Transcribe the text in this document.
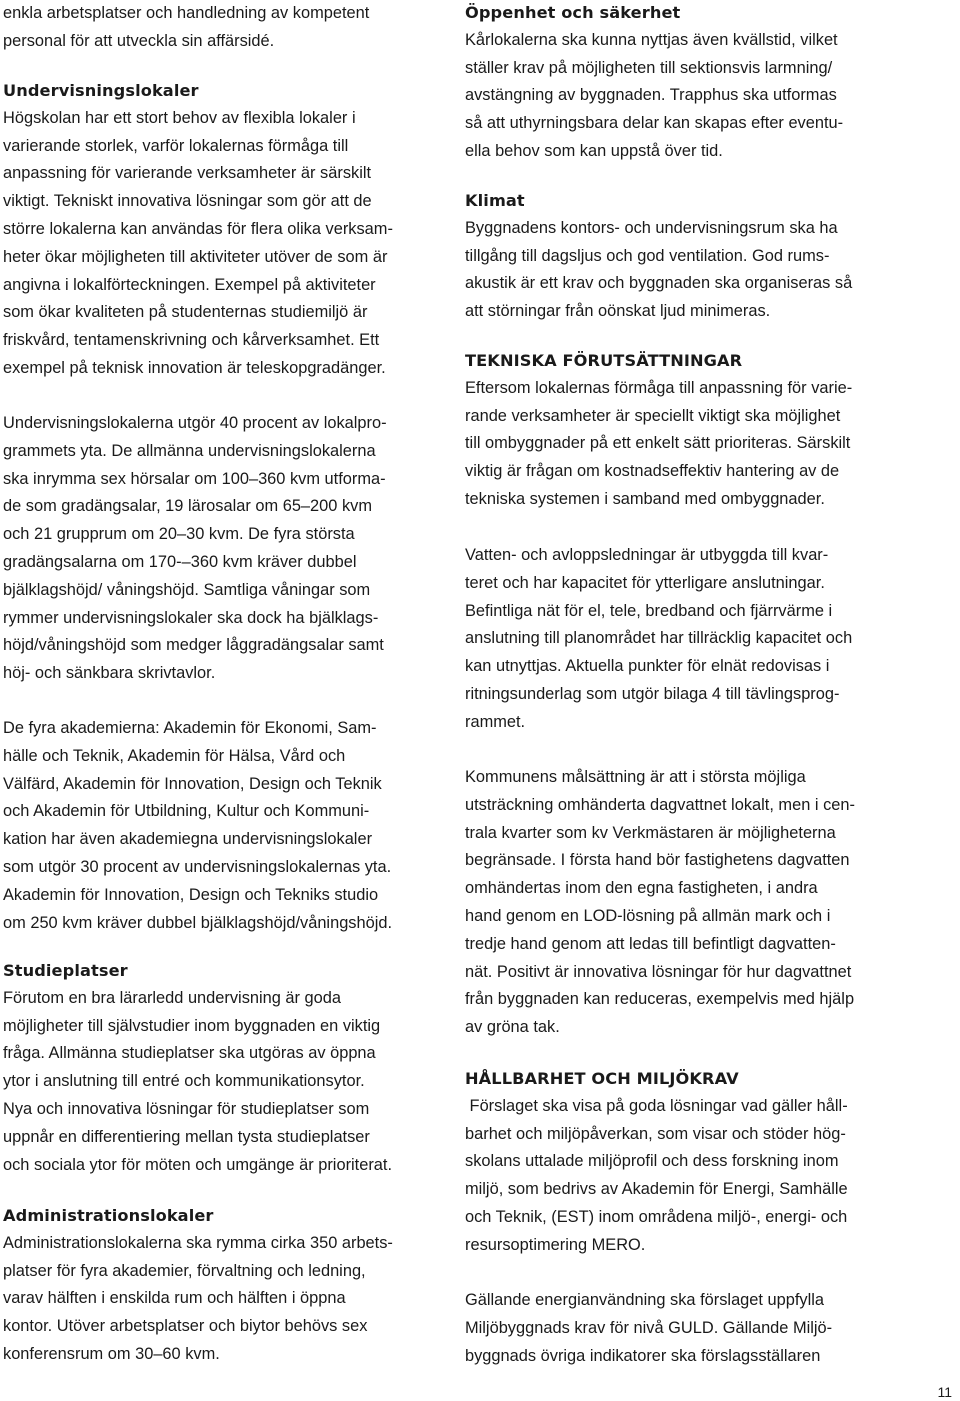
enkla arbetsplatser och handledning av kompetent

personal för att utveckla sin affärsidé.

Undervisningslokaler

Högskolan har ett stort behov av flexibla lokaler i

varierande storlek, varför lokalernas förmåga till

anpassning för varierande verksamheter är särskilt

viktigt. Tekniskt innovativa lösningar som gör att de

större lokalerna kan användas för flera olika verksam-

heter ökar möjligheten till aktiviteter utöver de som är

angivna i lokalförteckningen. Exempel på aktiviteter

som ökar kvaliteten på studenternas studiemiljö är

friskvård, tentamenskrivning och kårverksamhet. Ett

exempel på teknisk innovation är teleskopgradänger.

Undervisningslokalerna utgör 40 procent av lokalpro-

grammets yta. De allmänna undervisningslokalerna

ska inrymma sex hörsalar om 100–360 kvm utforma-

de som gradängsalar, 19 lärosalar om 65–200 kvm

och 21 grupprum om 20–30 kvm. De fyra största

gradängsalarna om 170-–360 kvm kräver dubbel

bjälklagshöjd/ våningshöjd. Samtliga våningar som

rymmer undervisningslokaler ska dock ha bjälklags-

höjd/våningshöjd som medger låggradängsalar samt

höj- och sänkbara skrivtavlor.

De fyra akademierna: Akademin för Ekonomi, Sam-

hälle och Teknik, Akademin för Hälsa, Vård och

Välfärd, Akademin för Innovation, Design och Teknik

och Akademin för Utbildning, Kultur och Kommuni-

kation har även akademiegna undervisningslokaler

som utgör 30 procent av undervisningslokalernas yta.

Akademin för Innovation, Design och Tekniks studio

om 250 kvm kräver dubbel bjälklagshöjd/våningshöjd.

Studieplatser

Förutom en bra lärarledd undervisning är goda

möjligheter till självstudier inom byggnaden en viktig

fråga. Allmänna studieplatser ska utgöras av öppna

ytor i anslutning till entré och kommunikationsytor.

Nya och innovativa lösningar för studieplatser som

uppnår en differentiering mellan tysta studieplatser

och sociala ytor för möten och umgänge är prioriterat.

Administrationslokaler

Administrationslokalerna ska rymma cirka 350 arbets-

platser för fyra akademier, förvaltning och ledning,

varav hälften i enskilda rum och hälften i öppna

kontor. Utöver arbetsplatser och biytor behövs sex

konferensrum om 30–60 kvm.

Öppenhet och säkerhet

Kårlokalerna ska kunna nyttjas även kvällstid, vilket

ställer krav på möjligheten till sektionsvis larmning/

avstängning av byggnaden. Trapphus ska utformas

så att uthyrningsbara delar kan skapas efter eventu-

ella behov som kan uppstå över tid.

Klimat

Byggnadens kontors- och undervisningsrum ska ha

tillgång till dagsljus och god ventilation. God rums-

akustik är ett krav och byggnaden ska organiseras så

att störningar från oönskat ljud minimeras.

TEKNISKA FÖRUTSÄTTNINGAR

Eftersom lokalernas förmåga till anpassning för varie-

rande verksamheter är speciellt viktigt ska möjlighet

till ombyggnader på ett enkelt sätt prioriteras. Särskilt

viktig är frågan om kostnadseffektiv hantering av de

tekniska systemen i samband med ombyggnader.

Vatten- och avloppsledningar är utbyggda till kvar-

teret och har kapacitet för ytterligare anslutningar.

Befintliga nät för el, tele, bredband och fjärrvärme i

anslutning till planområdet har tillräcklig kapacitet och

kan utnyttjas. Aktuella punkter för elnät redovisas i

ritningsunderlag som utgör bilaga 4 till tävlingsprog-

rammet.

Kommunens målsättning är att i största möjliga

utsträckning omhänderta dagvattnet lokalt, men i cen-

trala kvarter som kv Verkmästaren är möjligheterna

begränsade. I första hand bör fastighetens dagvatten

omhändertas inom den egna fastigheten, i andra

hand genom en LOD-lösning på allmän mark och i

tredje hand genom att ledas till befintligt dagvatten-

nät. Positivt är innovativa lösningar för hur dagvattnet

från byggnaden kan reduceras, exempelvis med hjälp

av gröna tak.

HÅLLBARHET OCH MILJÖKRAV

Förslaget ska visa på goda lösningar vad gäller håll-

barhet och miljöpåverkan, som visar och stöder hög-

skolans uttalade miljöprofil och dess forskning inom

miljö, som bedrivs av Akademin för Energi, Samhälle

och Teknik, (EST) inom områdena miljö-, energi- och

resursoptimering MERO.

Gällande energianvändning ska förslaget uppfylla

Miljöbyggnads krav för nivå GULD. Gällande Miljö-

byggnads övriga indikatorer ska förslagsställaren

11
